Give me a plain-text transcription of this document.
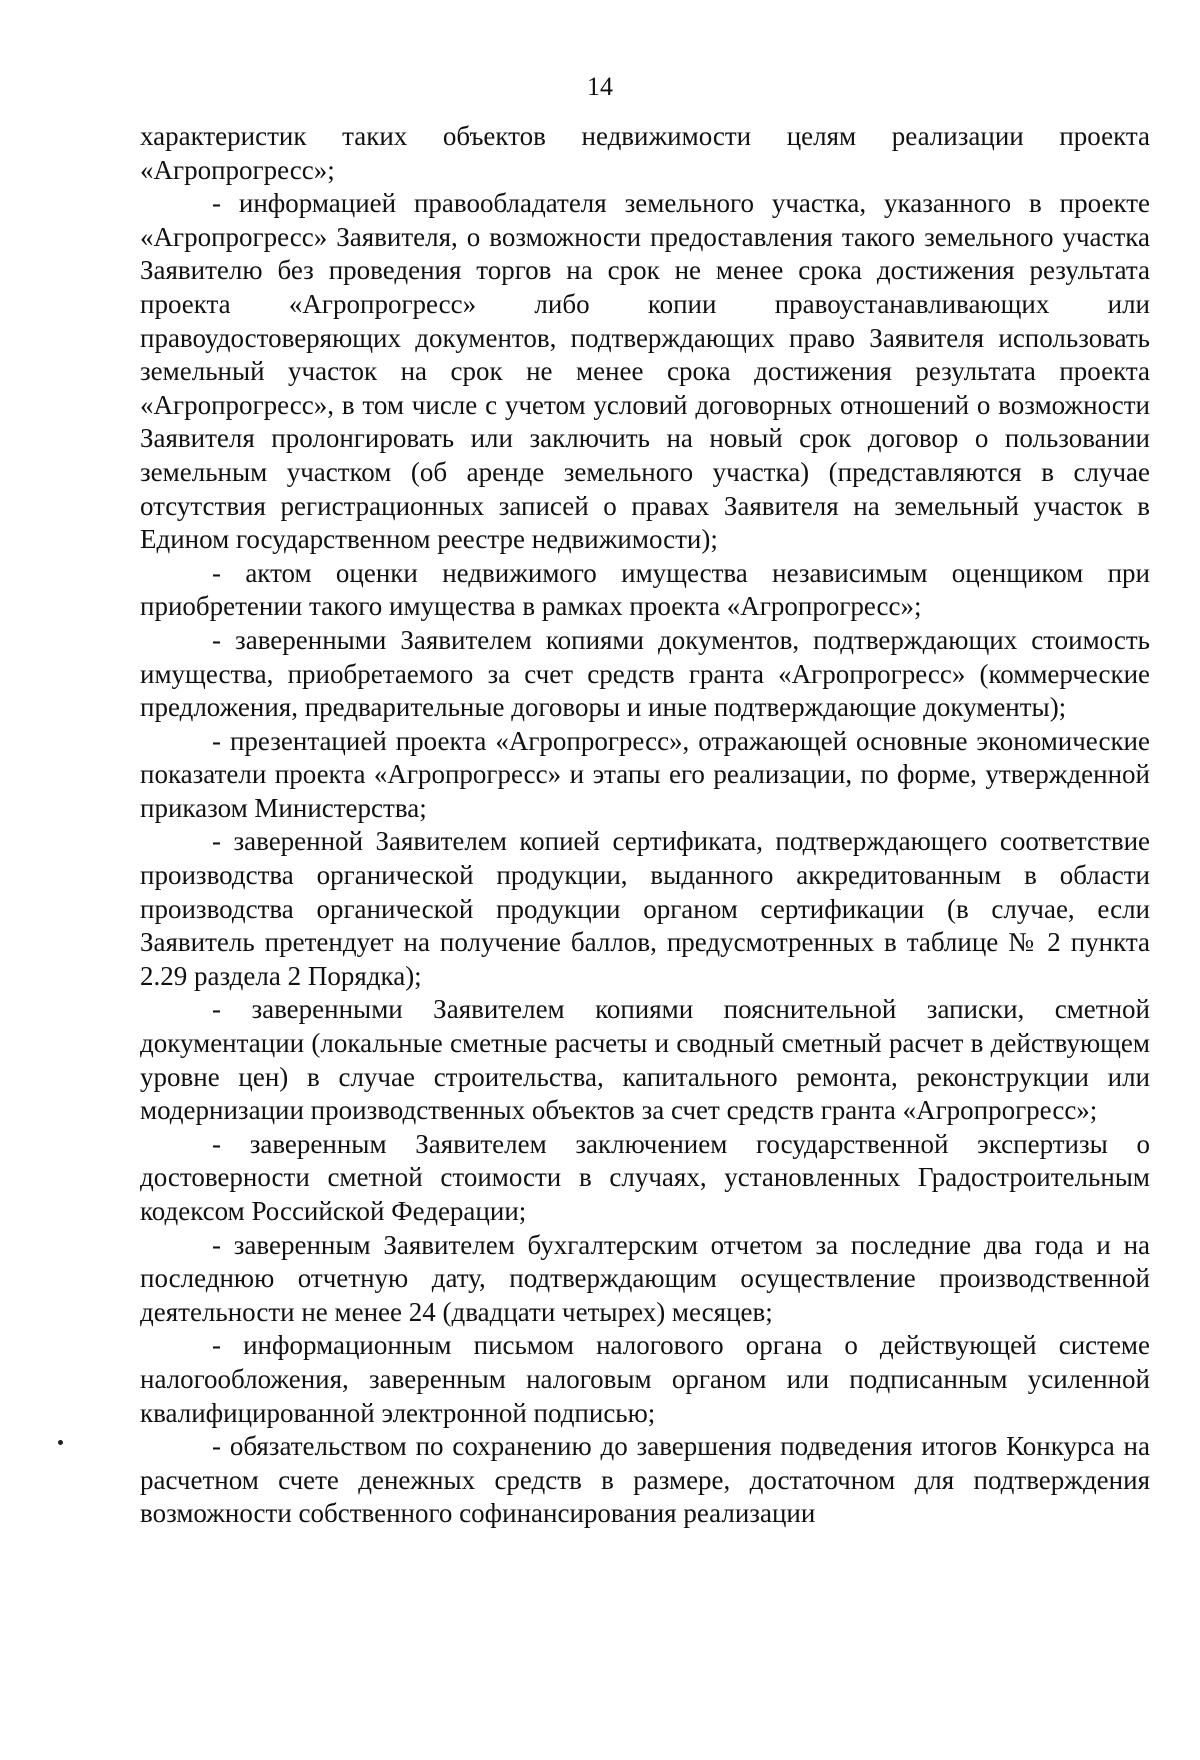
14

характеристик таких объектов недвижимости целям реализации проекта «Агропрогресс»;

- информацией правообладателя земельного участка, указанного в проекте «Агропрогресс» Заявителя, о возможности предоставления такого земельного участка Заявителю без проведения торгов на срок не менее срока достижения результата проекта «Агропрогресс» либо копии правоустанавливающих или правоудостоверяющих документов, подтверждающих право Заявителя использовать земельный участок на срок не менее срока достижения результата проекта «Агропрогресс», в том числе с учетом условий договорных отношений о возможности Заявителя пролонгировать или заключить на новый срок договор о пользовании земельным участком (об аренде земельного участка) (представляются в случае отсутствия регистрационных записей о правах Заявителя на земельный участок в Едином государственном реестре недвижимости);

- актом оценки недвижимого имущества независимым оценщиком при приобретении такого имущества в рамках проекта «Агропрогресс»;

- заверенными Заявителем копиями документов, подтверждающих стоимость имущества, приобретаемого за счет средств гранта «Агропрогресс» (коммерческие предложения, предварительные договоры и иные подтверждающие документы);

- презентацией проекта «Агропрогресс», отражающей основные экономические показатели проекта «Агропрогресс» и этапы его реализации, по форме, утвержденной приказом Министерства;

- заверенной Заявителем копией сертификата, подтверждающего соответствие производства органической продукции, выданного аккредитованным в области производства органической продукции органом сертификации (в случае, если Заявитель претендует на получение баллов, предусмотренных в таблице № 2 пункта 2.29 раздела 2 Порядка);

- заверенными Заявителем копиями пояснительной записки, сметной документации (локальные сметные расчеты и сводный сметный расчет в действующем уровне цен) в случае строительства, капитального ремонта, реконструкции или модернизации производственных объектов за счет средств гранта «Агропрогресс»;

- заверенным Заявителем заключением государственной экспертизы о достоверности сметной стоимости в случаях, установленных Градостроительным кодексом Российской Федерации;

- заверенным Заявителем бухгалтерским отчетом за последние два года и на последнюю отчетную дату, подтверждающим осуществление производственной деятельности не менее 24 (двадцати четырех) месяцев;

- информационным письмом налогового органа о действующей системе налогообложения, заверенным налоговым органом или подписанным усиленной квалифицированной электронной подписью;

- обязательством по сохранению до завершения подведения итогов Конкурса на расчетном счете денежных средств в размере, достаточном для подтверждения возможности собственного софинансирования реализации
